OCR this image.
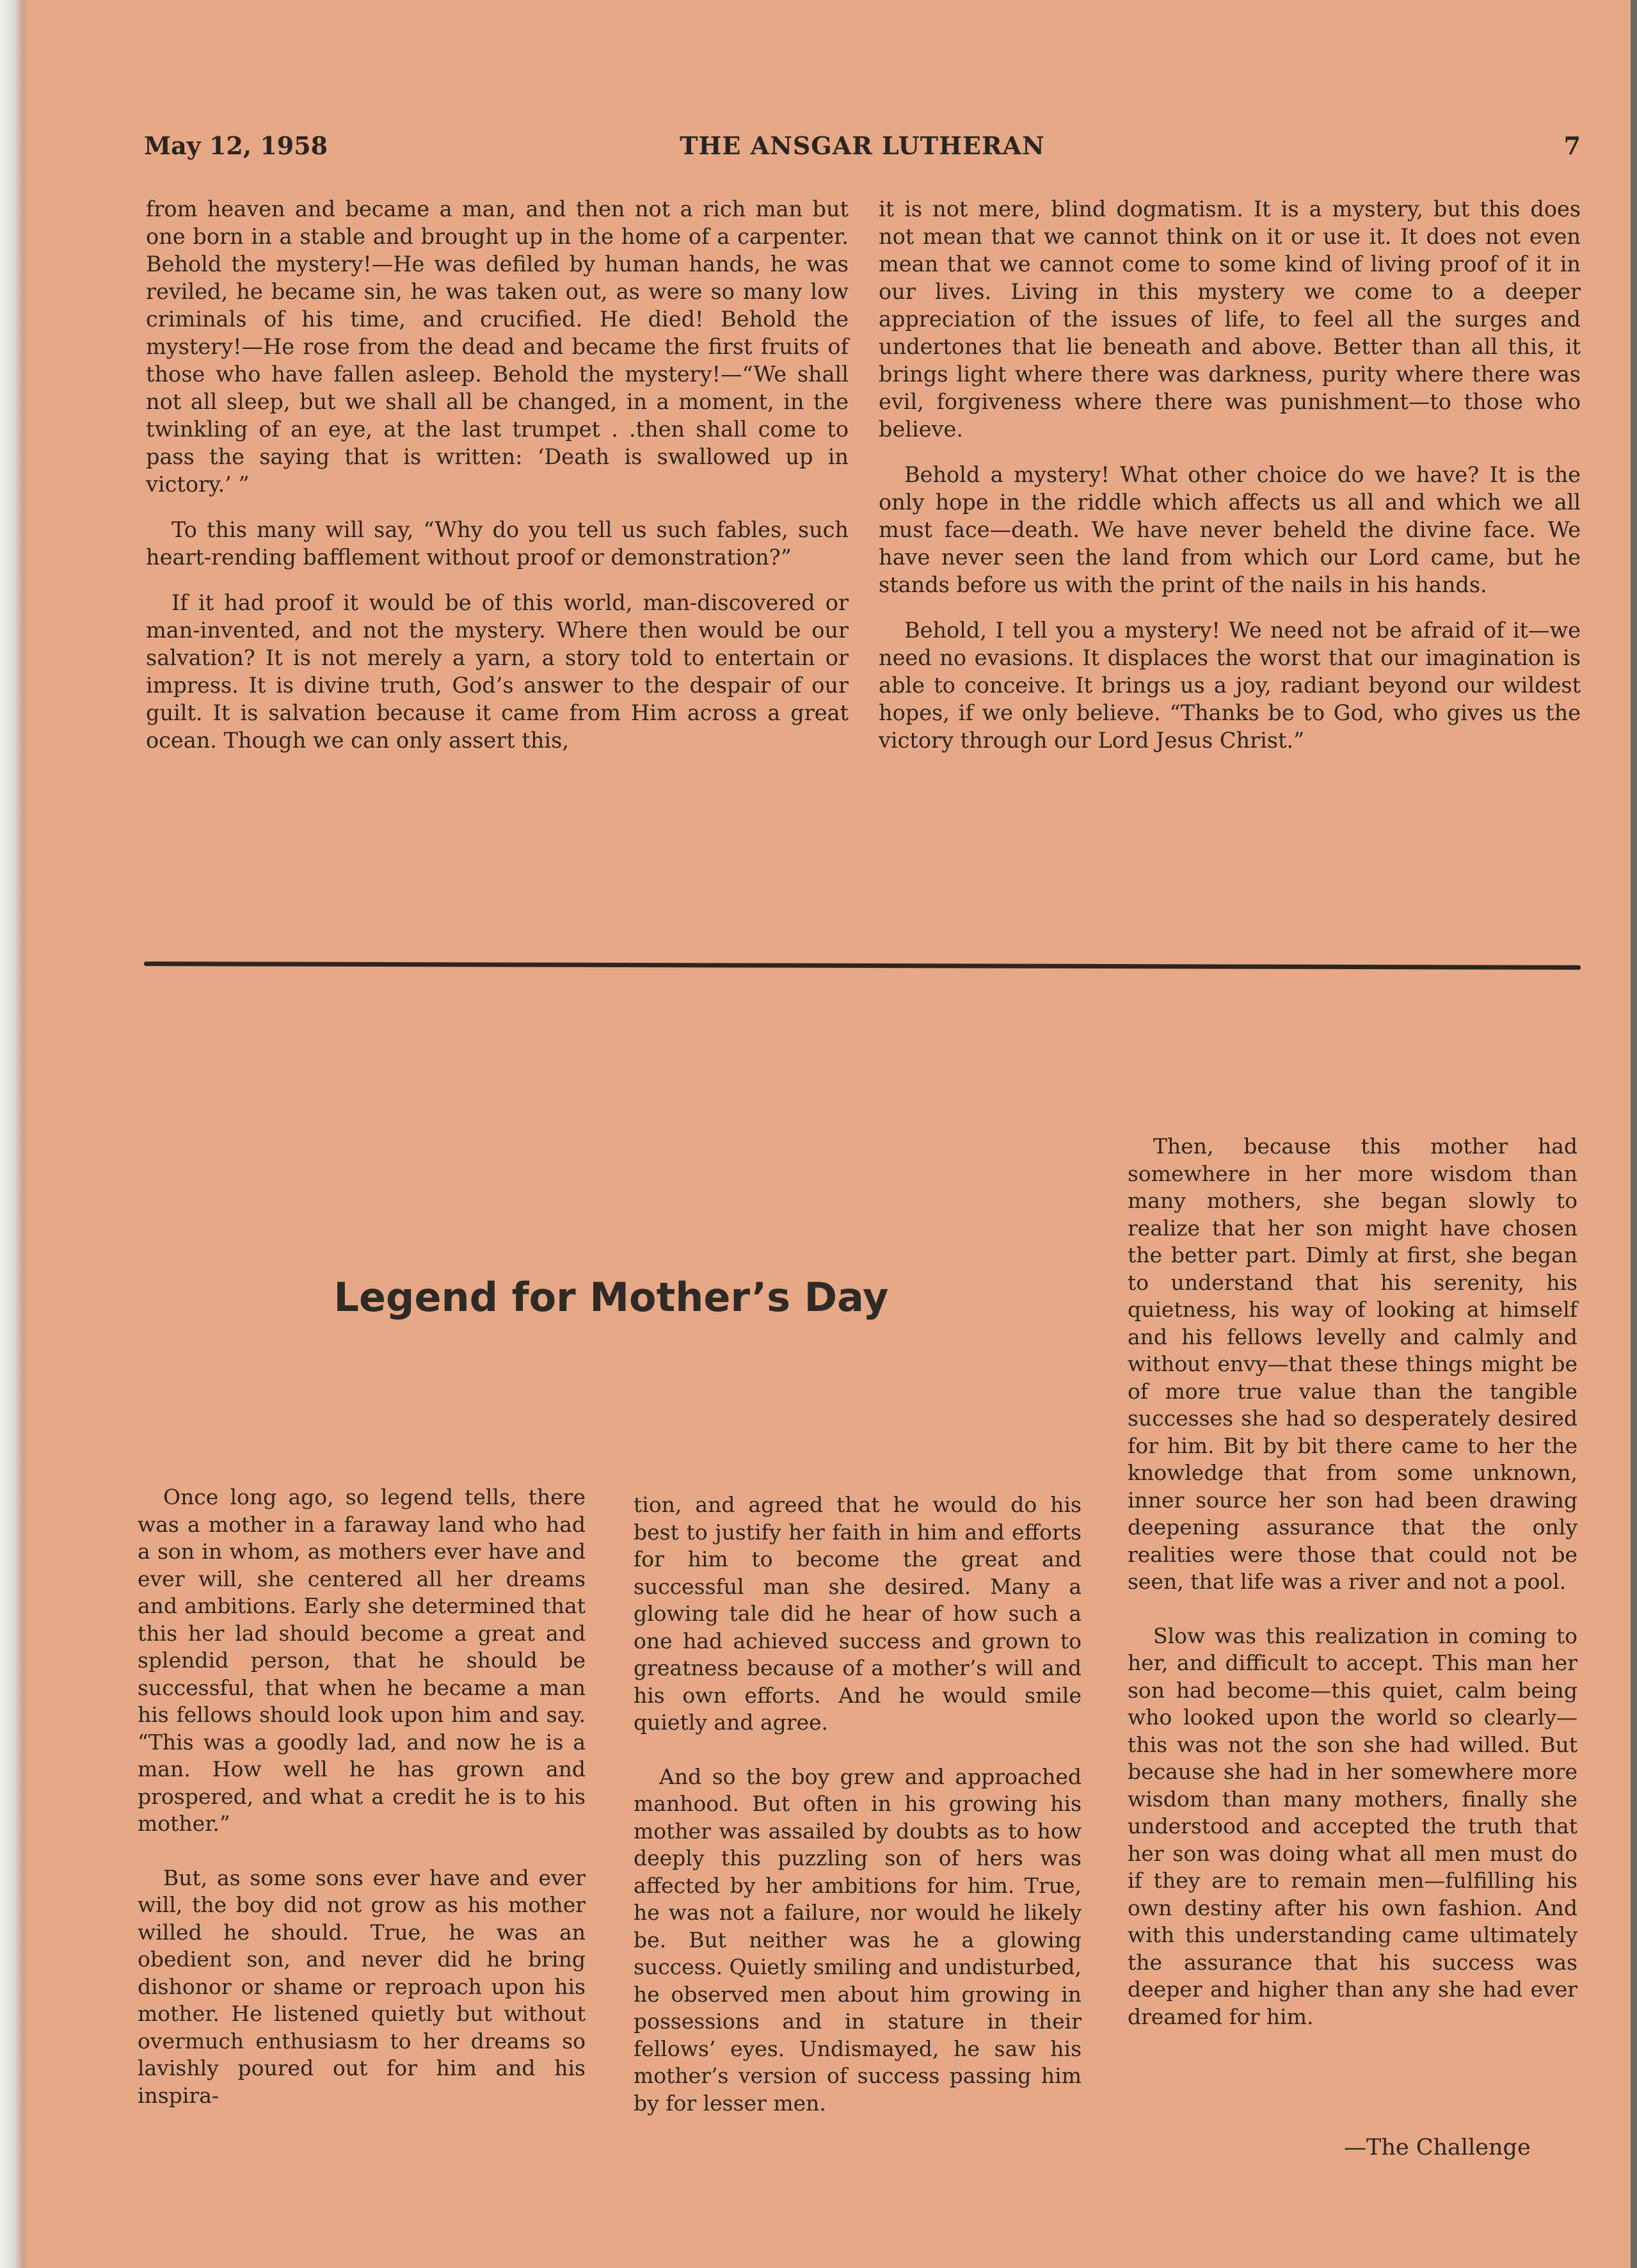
May 12, 1958	THE ANSGAR LUTHERAN	7

from heaven and became a man, and then not a rich man but one born in a stable and brought up in the home of a carpenter. Behold the mystery!—He was defiled by human hands, he was reviled, he became sin, he was taken out, as were so many low criminals of his time, and crucified. He died! Behold the mystery!—He rose from the dead and became the first fruits of those who have fallen asleep. Behold the mystery!—“We shall not all sleep, but we shall all be changed, in a moment, in the twinkling of an eye, at the last trumpet . .then shall come to pass the saying that is written: ‘Death is swallowed up in victory.’ ”

To this many will say, “Why do you tell us such fables, such heart-rending bafflement without proof or demonstration?”

If it had proof it would be of this world, man-discovered or man-invented, and not the mystery. Where then would be our salvation? It is not merely a yarn, a story told to entertain or impress. It is divine truth, God’s answer to the despair of our guilt. It is salvation because it came from Him across a great ocean. Though we can only assert this,

it is not mere, blind dogmatism. It is a mystery, but this does not mean that we cannot think on it or use it. It does not even mean that we cannot come to some kind of living proof of it in our lives. Living in this mystery we come to a deeper appreciation of the issues of life, to feel all the surges and undertones that lie beneath and above. Better than all this, it brings light where there was darkness, purity where there was evil, forgiveness where there was punishment—to those who believe.

Behold a mystery! What other choice do we have? It is the only hope in the riddle which affects us all and which we all must face—death. We have never beheld the divine face. We have never seen the land from which our Lord came, but he stands before us with the print of the nails in his hands.

Behold, I tell you a mystery! We need not be afraid of it—we need no evasions. It displaces the worst that our imagination is able to conceive. It brings us a joy, radiant beyond our wildest hopes, if we only believe. “Thanks be to God, who gives us the victory through our Lord Jesus Christ.”

Legend for Mother’s Day

Once long ago, so legend tells, there was a mother in a faraway land who had a son in whom, as mothers ever have and ever will, she centered all her dreams and ambitions. Early she determined that this her lad should become a great and splendid person, that he should be successful, that when he became a man his fellows should look upon him and say. “This was a goodly lad, and now he is a man. How well he has grown and prospered, and what a credit he is to his mother.”

But, as some sons ever have and ever will, the boy did not grow as his mother willed he should. True, he was an obedient son, and never did he bring dishonor or shame or reproach upon his mother. He listened quietly but without overmuch enthusiasm to her dreams so lavishly poured out for him and his inspira-

tion, and agreed that he would do his best to justify her faith in him and efforts for him to become the great and successful man she desired. Many a glowing tale did he hear of how such a one had achieved success and grown to greatness because of a mother’s will and his own efforts. And he would smile quietly and agree.

And so the boy grew and approached manhood. But often in his growing his mother was assailed by doubts as to how deeply this puzzling son of hers was affected by her ambitions for him. True, he was not a failure, nor would he likely be. But neither was he a glowing success. Quietly smiling and undisturbed, he observed men about him growing in possessions and in stature in their fellows’ eyes. Undismayed, he saw his mother’s version of success passing him by for lesser men.

Then, because this mother had somewhere in her more wisdom than many mothers, she began slowly to realize that her son might have chosen the better part. Dimly at first, she began to understand that his serenity, his quietness, his way of looking at himself and his fellows levelly and calmly and without envy—that these things might be of more true value than the tangible successes she had so desperately desired for him. Bit by bit there came to her the knowledge that from some unknown, inner source her son had been drawing deepening assurance that the only realities were those that could not be seen, that life was a river and not a pool.

Slow was this realization in coming to her, and difficult to accept. This man her son had become—this quiet, calm being who looked upon the world so clearly—this was not the son she had willed. But because she had in her somewhere more wisdom than many mothers, finally she understood and accepted the truth that her son was doing what all men must do if they are to remain men—fulfilling his own destiny after his own fashion. And with this understanding came ultimately the assurance that his success was deeper and higher than any she had ever dreamed for him.

—The Challenge
